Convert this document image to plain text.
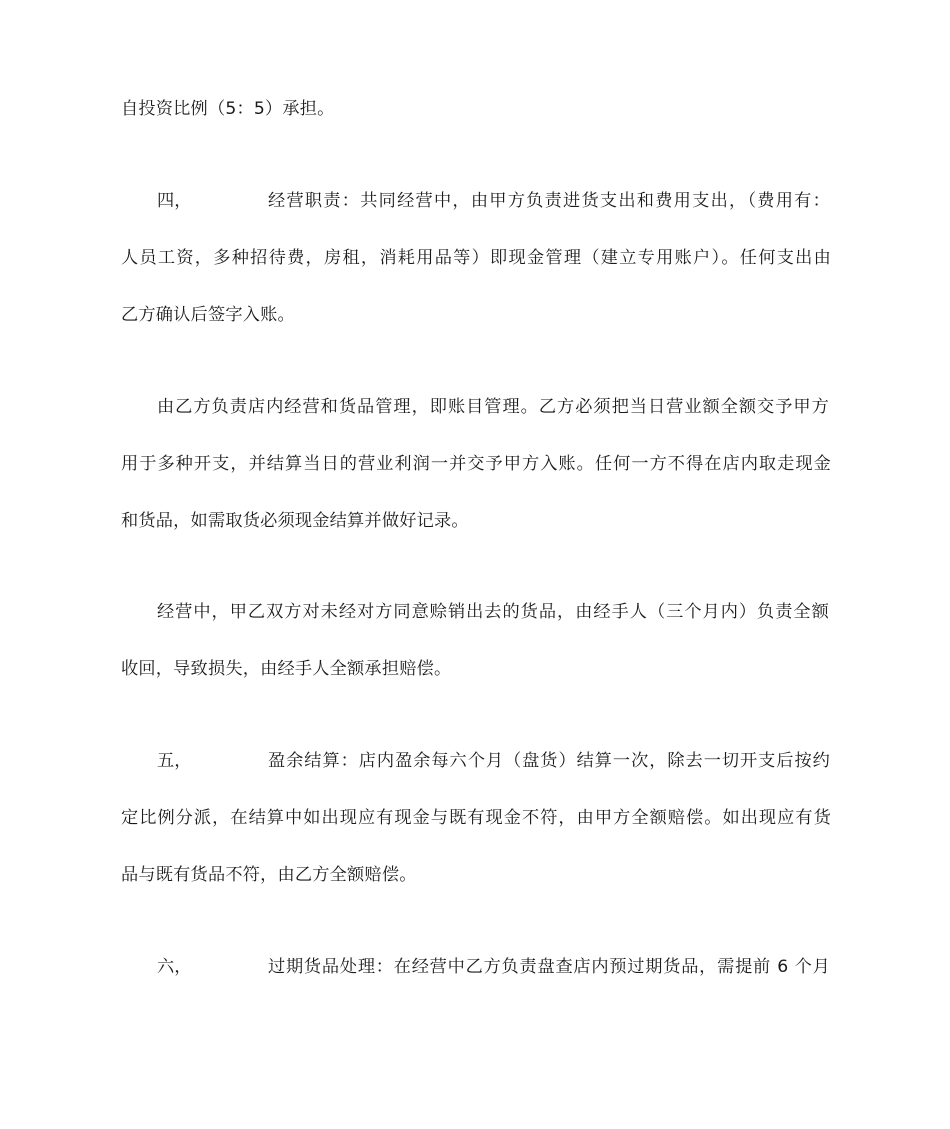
自投资比例（5：5）承担。
四，	经营职责：共同经营中，由甲方负责进货支出和费用支出，（费用有：
人员工资，多种招待费，房租，消耗用品等）即现金管理（建立专用账户）。任何支出由
乙方确认后签字入账。
由乙方负责店内经营和货品管理，即账目管理。乙方必须把当日营业额全额交予甲方
用于多种开支，并结算当日的营业利润一并交予甲方入账。任何一方不得在店内取走现金
和货品，如需取货必须现金结算并做好记录。
经营中，甲乙双方对未经对方同意赊销出去的货品，由经手人（三个月内）负责全额
收回，导致损失，由经手人全额承担赔偿。
五，	盈余结算：店内盈余每六个月（盘货）结算一次，除去一切开支后按约
定比例分派，在结算中如出现应有现金与既有现金不符，由甲方全额赔偿。如出现应有货
品与既有货品不符，由乙方全额赔偿。
六，	过期货品处理：在经营中乙方负责盘查店内预过期货品，需提前 6 个月
